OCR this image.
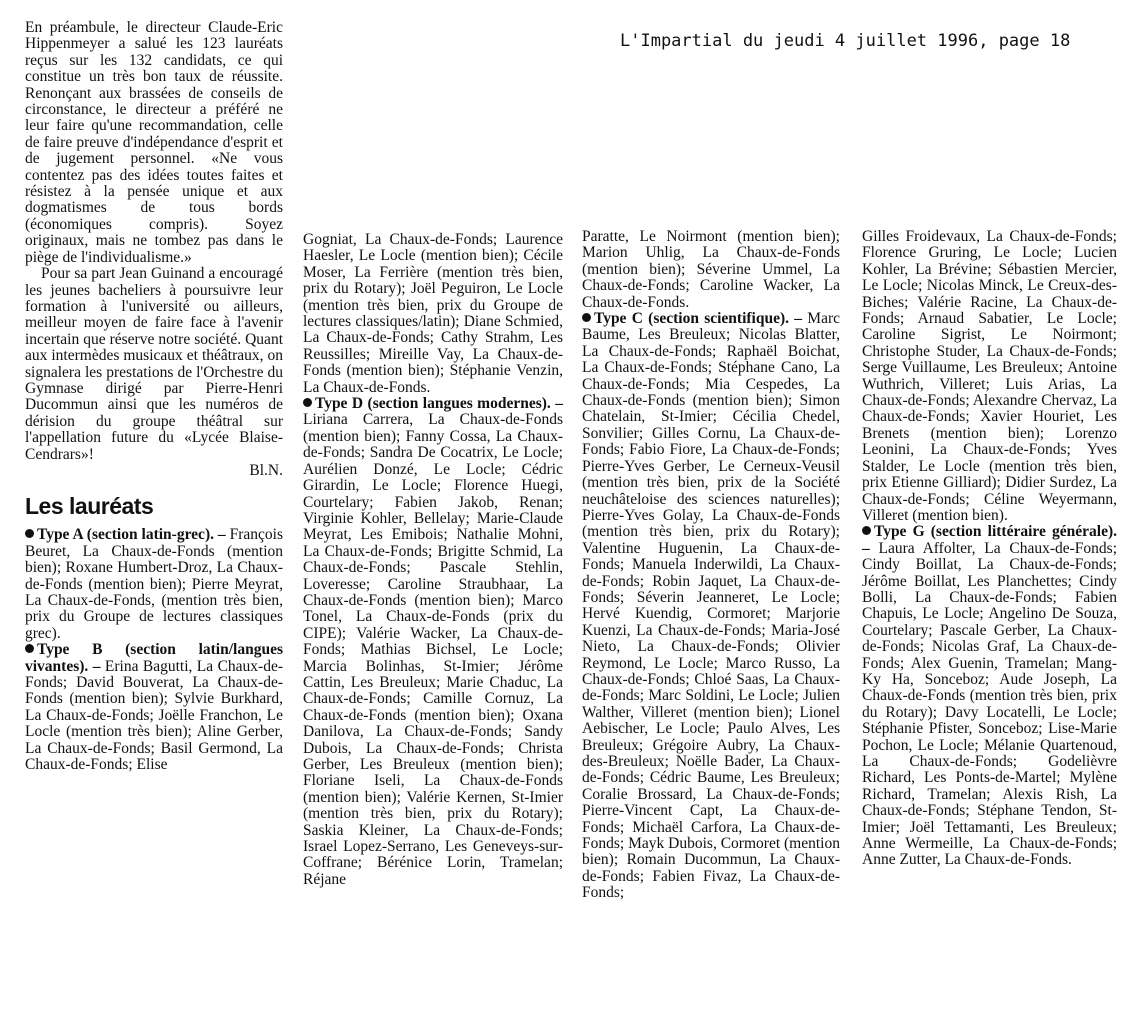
L'Impartial du jeudi 4 juillet 1996, page 18

En préambule, le directeur Claude-Eric Hippenmeyer a salué les 123 lauréats reçus sur les 132 candidats, ce qui constitue un très bon taux de réussite. Renonçant aux brassées de conseils de circonstance, le directeur a préféré ne leur faire qu'une recommandation, celle de faire preuve d'indépendance d'esprit et de jugement personnel. «Ne vous contentez pas des idées toutes faites et résistez à la pensée unique et aux dogmatismes de tous bords (économiques compris). Soyez originaux, mais ne tombez pas dans le piège de l'individualisme.»

Pour sa part Jean Guinand a encouragé les jeunes bacheliers à poursuivre leur formation à l'université ou ailleurs, meilleur moyen de faire face à l'avenir incertain que réserve notre société. Quant aux intermèdes musicaux et théâtraux, on signalera les prestations de l'Orchestre du Gymnase dirigé par Pierre-Henri Ducommun ainsi que les numéros de dérision du groupe théâtral sur l'appellation future du «Lycée Blaise-Cendrars»!

Bl.N.

Les lauréats

Type A (section latin-grec). – François Beuret, La Chaux-de-Fonds (mention bien); Roxane Humbert-Droz, La Chaux-de-Fonds (mention bien); Pierre Meyrat, La Chaux-de-Fonds, (mention très bien, prix du Groupe de lectures classiques grec).

Type B (section latin/langues vivantes). – Erina Bagutti, La Chaux-de-Fonds; David Bouverat, La Chaux-de-Fonds (mention bien); Sylvie Burkhard, La Chaux-de-Fonds; Joëlle Franchon, Le Locle (mention très bien); Aline Gerber, La Chaux-de-Fonds; Basil Germond, La Chaux-de-Fonds; Elise

Gogniat, La Chaux-de-Fonds; Laurence Haesler, Le Locle (mention bien); Cécile Moser, La Ferrière (mention très bien, prix du Rotary); Joël Peguiron, Le Locle (mention très bien, prix du Groupe de lectures classiques/latin); Diane Schmied, La Chaux-de-Fonds; Cathy Strahm, Les Reussilles; Mireille Vay, La Chaux-de-Fonds (mention bien); Stéphanie Venzin, La Chaux-de-Fonds.

Type D (section langues modernes). – Liriana Carrera, La Chaux-de-Fonds (mention bien); Fanny Cossa, La Chaux-de-Fonds; Sandra De Cocatrix, Le Locle; Aurélien Donzé, Le Locle; Cédric Girardin, Le Locle; Florence Huegi, Courtelary; Fabien Jakob, Renan; Virginie Kohler, Bellelay; Marie-Claude Meyrat, Les Emibois; Nathalie Mohni, La Chaux-de-Fonds; Brigitte Schmid, La Chaux-de-Fonds; Pascale Stehlin, Loveresse; Caroline Straubhaar, La Chaux-de-Fonds (mention bien); Marco Tonel, La Chaux-de-Fonds (prix du CIPE); Valérie Wacker, La Chaux-de-Fonds; Mathias Bichsel, Le Locle; Marcia Bolinhas, St-Imier; Jérôme Cattin, Les Breuleux; Marie Chaduc, La Chaux-de-Fonds; Camille Cornuz, La Chaux-de-Fonds (mention bien); Oxana Danilova, La Chaux-de-Fonds; Sandy Dubois, La Chaux-de-Fonds; Christa Gerber, Les Breuleux (mention bien); Floriane Iseli, La Chaux-de-Fonds (mention bien); Valérie Kernen, St-Imier (mention très bien, prix du Rotary); Saskia Kleiner, La Chaux-de-Fonds; Israel Lopez-Serrano, Les Geneveys-sur-Coffrane; Bérénice Lorin, Tramelan; Réjane

Paratte, Le Noirmont (mention bien); Marion Uhlig, La Chaux-de-Fonds (mention bien); Séverine Ummel, La Chaux-de-Fonds; Caroline Wacker, La Chaux-de-Fonds.

Type C (section scientifique). – Marc Baume, Les Breuleux; Nicolas Blatter, La Chaux-de-Fonds; Raphaël Boichat, La Chaux-de-Fonds; Stéphane Cano, La Chaux-de-Fonds; Mia Cespedes, La Chaux-de-Fonds (mention bien); Simon Chatelain, St-Imier; Cécilia Chedel, Sonvilier; Gilles Cornu, La Chaux-de-Fonds; Fabio Fiore, La Chaux-de-Fonds; Pierre-Yves Gerber, Le Cerneux-Veusil (mention très bien, prix de la Société neuchâteloise des sciences naturelles); Pierre-Yves Golay, La Chaux-de-Fonds (mention très bien, prix du Rotary); Valentine Huguenin, La Chaux-de-Fonds; Manuela Inderwildi, La Chaux-de-Fonds; Robin Jaquet, La Chaux-de-Fonds; Séverin Jeanneret, Le Locle; Hervé Kuendig, Cormoret; Marjorie Kuenzi, La Chaux-de-Fonds; Maria-José Nieto, La Chaux-de-Fonds; Olivier Reymond, Le Locle; Marco Russo, La Chaux-de-Fonds; Chloé Saas, La Chaux-de-Fonds; Marc Soldini, Le Locle; Julien Walther, Villeret (mention bien); Lionel Aebischer, Le Locle; Paulo Alves, Les Breuleux; Grégoire Aubry, La Chaux-des-Breuleux; Noëlle Bader, La Chaux-de-Fonds; Cédric Baume, Les Breuleux; Coralie Brossard, La Chaux-de-Fonds; Pierre-Vincent Capt, La Chaux-de-Fonds; Michaël Carfora, La Chaux-de-Fonds; Mayk Dubois, Cormoret (mention bien); Romain Ducommun, La Chaux-de-Fonds; Fabien Fivaz, La Chaux-de-Fonds;

Gilles Froidevaux, La Chaux-de-Fonds; Florence Gruring, Le Locle; Lucien Kohler, La Brévine; Sébastien Mercier, Le Locle; Nicolas Minck, Le Creux-des-Biches; Valérie Racine, La Chaux-de-Fonds; Arnaud Sabatier, Le Locle; Caroline Sigrist, Le Noirmont; Christophe Studer, La Chaux-de-Fonds; Serge Vuillaume, Les Breuleux; Antoine Wuthrich, Villeret; Luis Arias, La Chaux-de-Fonds; Alexandre Chervaz, La Chaux-de-Fonds; Xavier Houriet, Les Brenets (mention bien); Lorenzo Leonini, La Chaux-de-Fonds; Yves Stalder, Le Locle (mention très bien, prix Etienne Gilliard); Didier Surdez, La Chaux-de-Fonds; Céline Weyermann, Villeret (mention bien).

Type G (section littéraire générale). – Laura Affolter, La Chaux-de-Fonds; Cindy Boillat, La Chaux-de-Fonds; Jérôme Boillat, Les Planchettes; Cindy Bolli, La Chaux-de-Fonds; Fabien Chapuis, Le Locle; Angelino De Souza, Courtelary; Pascale Gerber, La Chaux-de-Fonds; Nicolas Graf, La Chaux-de-Fonds; Alex Guenin, Tramelan; Mang-Ky Ha, Sonceboz; Aude Joseph, La Chaux-de-Fonds (mention très bien, prix du Rotary); Davy Locatelli, Le Locle; Stéphanie Pfister, Sonceboz; Lise-Marie Pochon, Le Locle; Mélanie Quartenoud, La Chaux-de-Fonds; Godelièvre Richard, Les Ponts-de-Martel; Mylène Richard, Tramelan; Alexis Rish, La Chaux-de-Fonds; Stéphane Tendon, St-Imier; Joël Tettamanti, Les Breuleux; Anne Wermeille, La Chaux-de-Fonds; Anne Zutter, La Chaux-de-Fonds.
